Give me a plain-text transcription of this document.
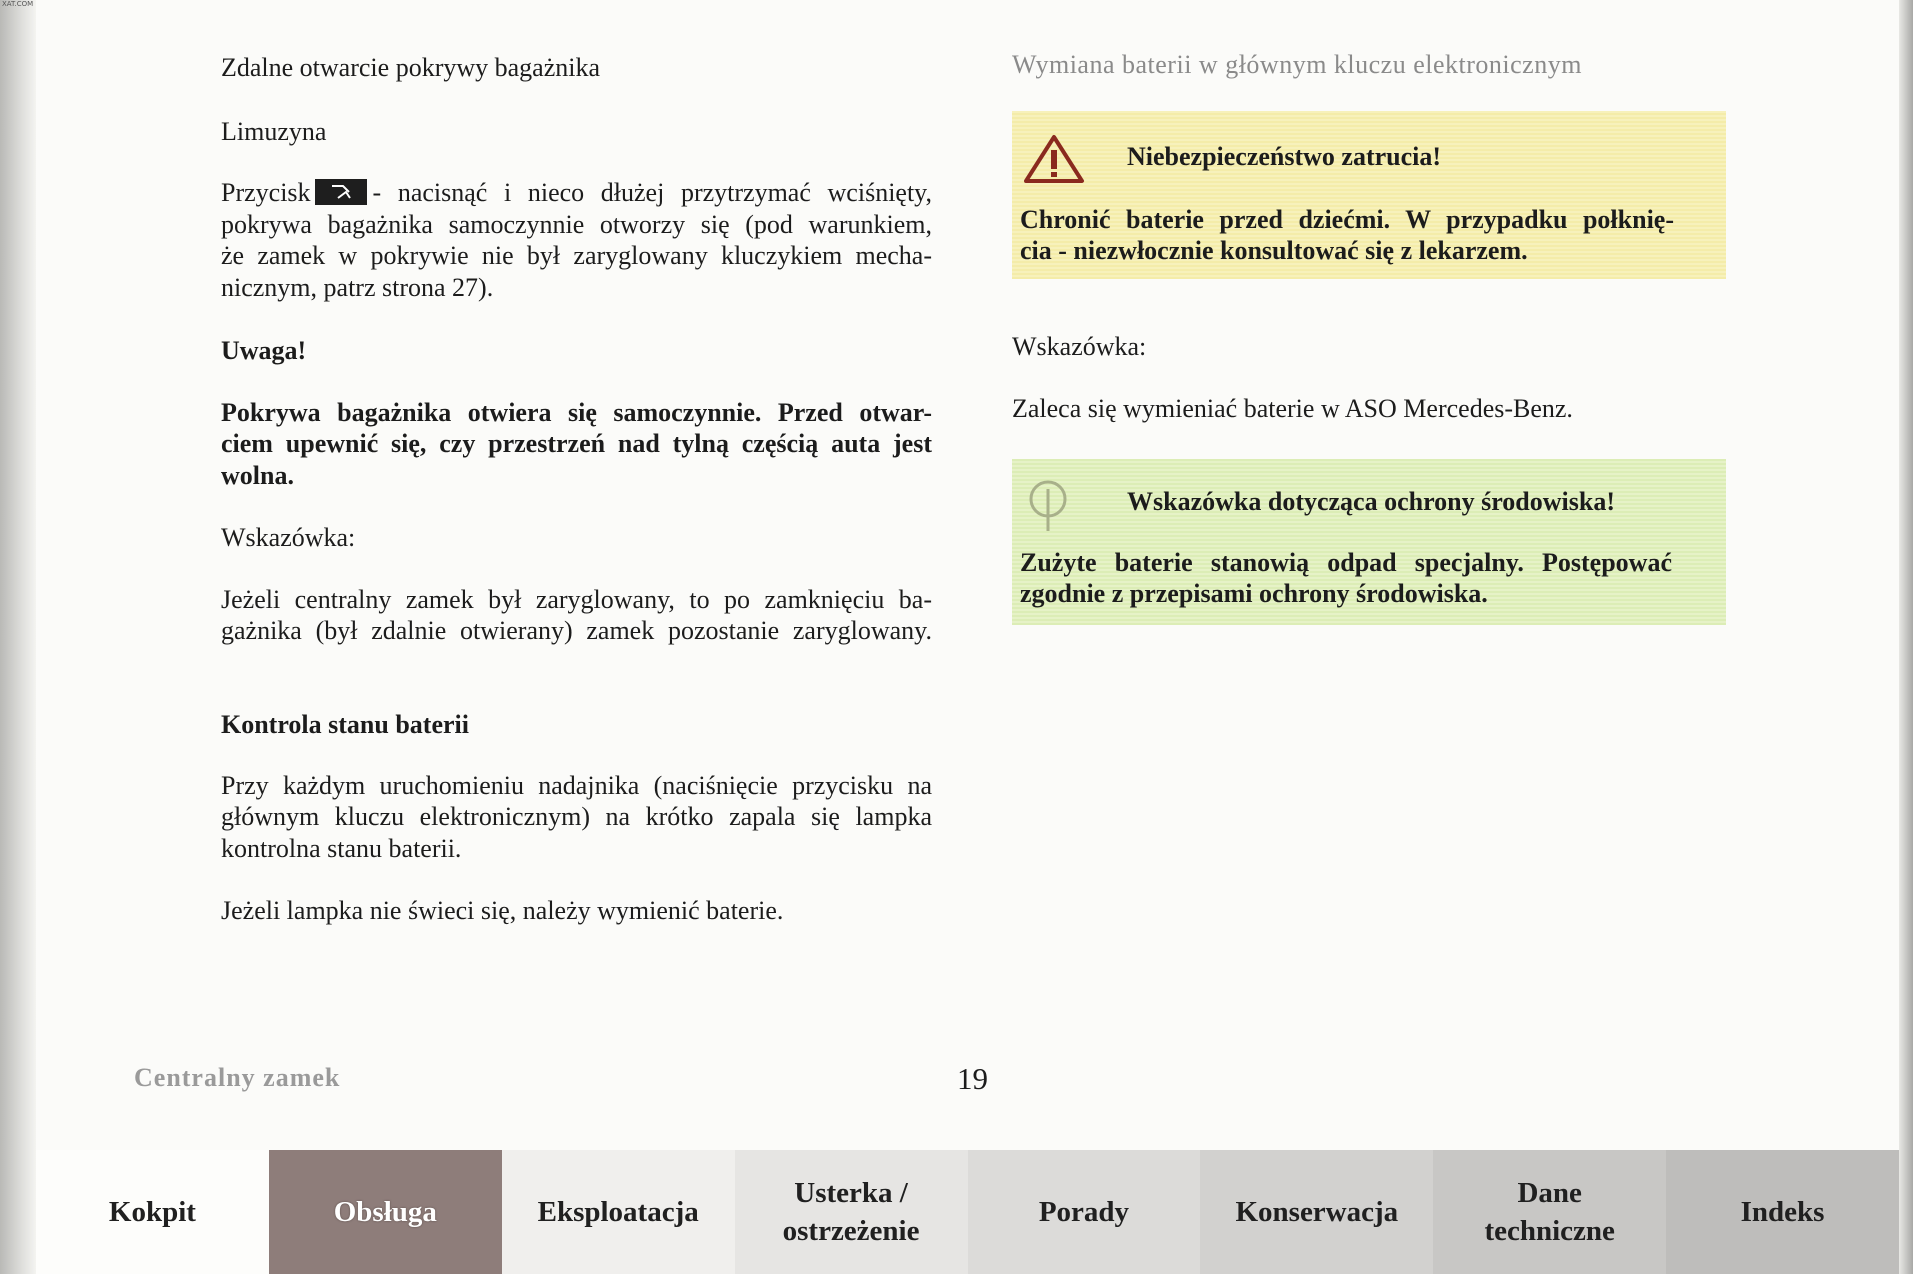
XAT.COM

Zdalne otwarcie pokrywy bagażnika

Limuzyna

Przycisk - nacisnąć i nieco dłużej przytrzymać wciśnięty,

pokrywa bagażnika samoczynnie otworzy się (pod warunkiem,

że zamek w pokrywie nie był zaryglowany kluczykiem mecha-

nicznym, patrz strona 27).

Uwaga!

Pokrywa bagażnika otwiera się samoczynnie. Przed otwar-

ciem upewnić się, czy przestrzeń nad tylną częścią auta jest

wolna.

Wskazówka:

Jeżeli centralny zamek był zaryglowany, to po zamknięciu ba-

gażnika (był zdalnie otwierany) zamek pozostanie zaryglowany.

Kontrola stanu baterii

Przy każdym uruchomieniu nadajnika (naciśnięcie przycisku na

głównym kluczu elektronicznym) na krótko zapala się lampka

kontrolna stanu baterii.

Jeżeli lampka nie świeci się, należy wymienić baterie.

Wymiana baterii w głównym kluczu elektronicznym

Niebezpieczeństwo zatrucia!
Chronić baterie przed dziećmi. W przypadku połknię-
cia - niezwłocznie konsultować się z lekarzem.

Wskazówka:

Zaleca się wymieniać baterie w ASO Mercedes-Benz.

Wskazówka dotycząca ochrony środowiska!
Zużyte baterie stanowią odpad specjalny. Postępować
zgodnie z przepisami ochrony środowiska.
Centralny zamek	19
Kokpit	Obsługa	Eksploatacja
Usterka /
ostrzeżenie
Porady	Konserwacja
Dane
techniczne
Indeks
